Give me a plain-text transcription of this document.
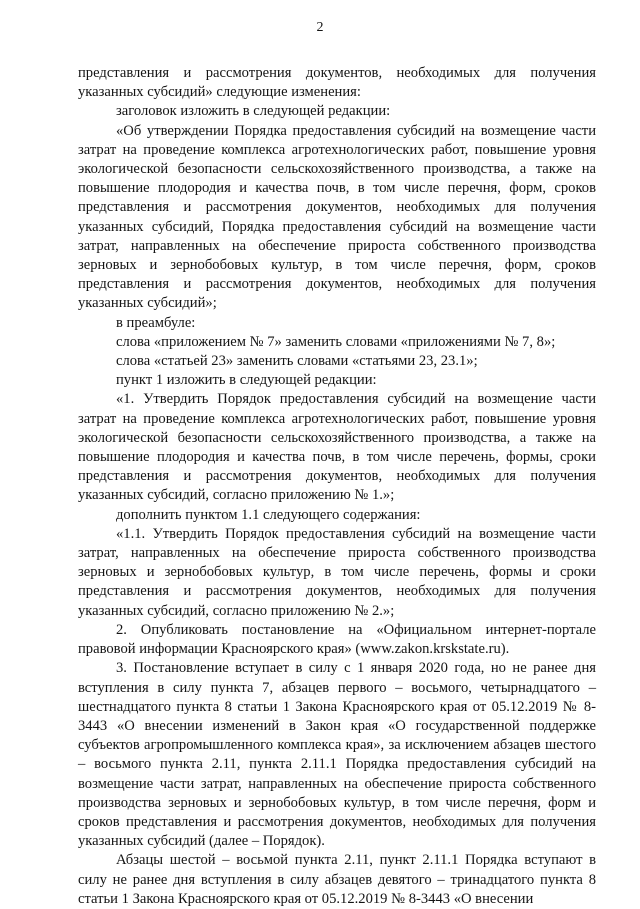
2

представления и рассмотрения документов, необходимых для получения указанных субсидий» следующие изменения:

заголовок изложить в следующей редакции:

«Об утверждении Порядка предоставления субсидий на возмещение части затрат на проведение комплекса агротехнологических работ, повышение уровня экологической безопасности сельскохозяйственного производства, а также на повышение плодородия и качества почв, в том числе перечня, форм, сроков представления и рассмотрения документов, необходимых для получения указанных субсидий, Порядка предоставления субсидий на возмещение части затрат, направленных на обеспечение прироста собственного производства зерновых и зернобобовых культур, в том числе перечня, форм, сроков представления и рассмотрения документов, необходимых для получения указанных субсидий»;

в преамбуле:

слова «приложением № 7» заменить словами «приложениями № 7, 8»;

слова «статьей 23» заменить словами «статьями 23, 23.1»;

пункт 1 изложить в следующей редакции:

«1. Утвердить Порядок предоставления субсидий на возмещение части затрат на проведение комплекса агротехнологических работ, повышение уровня экологической безопасности сельскохозяйственного производства, а также на повышение плодородия и качества почв, в том числе перечень, формы, сроки представления и рассмотрения документов, необходимых для получения указанных субсидий, согласно приложению № 1.»;

дополнить пунктом 1.1 следующего содержания:

«1.1. Утвердить Порядок предоставления субсидий на возмещение части затрат, направленных на обеспечение прироста собственного производства зерновых и зернобобовых культур, в том числе перечень, формы и сроки представления и рассмотрения документов, необходимых для получения указанных субсидий, согласно приложению № 2.»;

2. Опубликовать постановление на «Официальном интернет-портале правовой информации Красноярского края» (www.zakon.krskstate.ru).

3. Постановление вступает в силу с 1 января 2020 года, но не ранее дня вступления в силу пункта 7, абзацев первого – восьмого, четырнадцатого – шестнадцатого пункта 8 статьи 1 Закона Красноярского края от 05.12.2019 № 8-3443 «О внесении изменений в Закон края «О государственной поддержке субъектов агропромышленного комплекса края», за исключением абзацев шестого – восьмого пункта 2.11, пункта 2.11.1 Порядка предоставления субсидий на возмещение части затрат, направленных на обеспечение прироста собственного производства зерновых и зернобобовых культур, в том числе перечня, форм и сроков представления и рассмотрения документов, необходимых для получения указанных субсидий (далее – Порядок).

Абзацы шестой – восьмой пункта 2.11, пункт 2.11.1 Порядка вступают в силу не ранее дня вступления в силу абзацев девятого – тринадцатого пункта 8 статьи 1 Закона Красноярского края от 05.12.2019 № 8-3443 «О внесении
